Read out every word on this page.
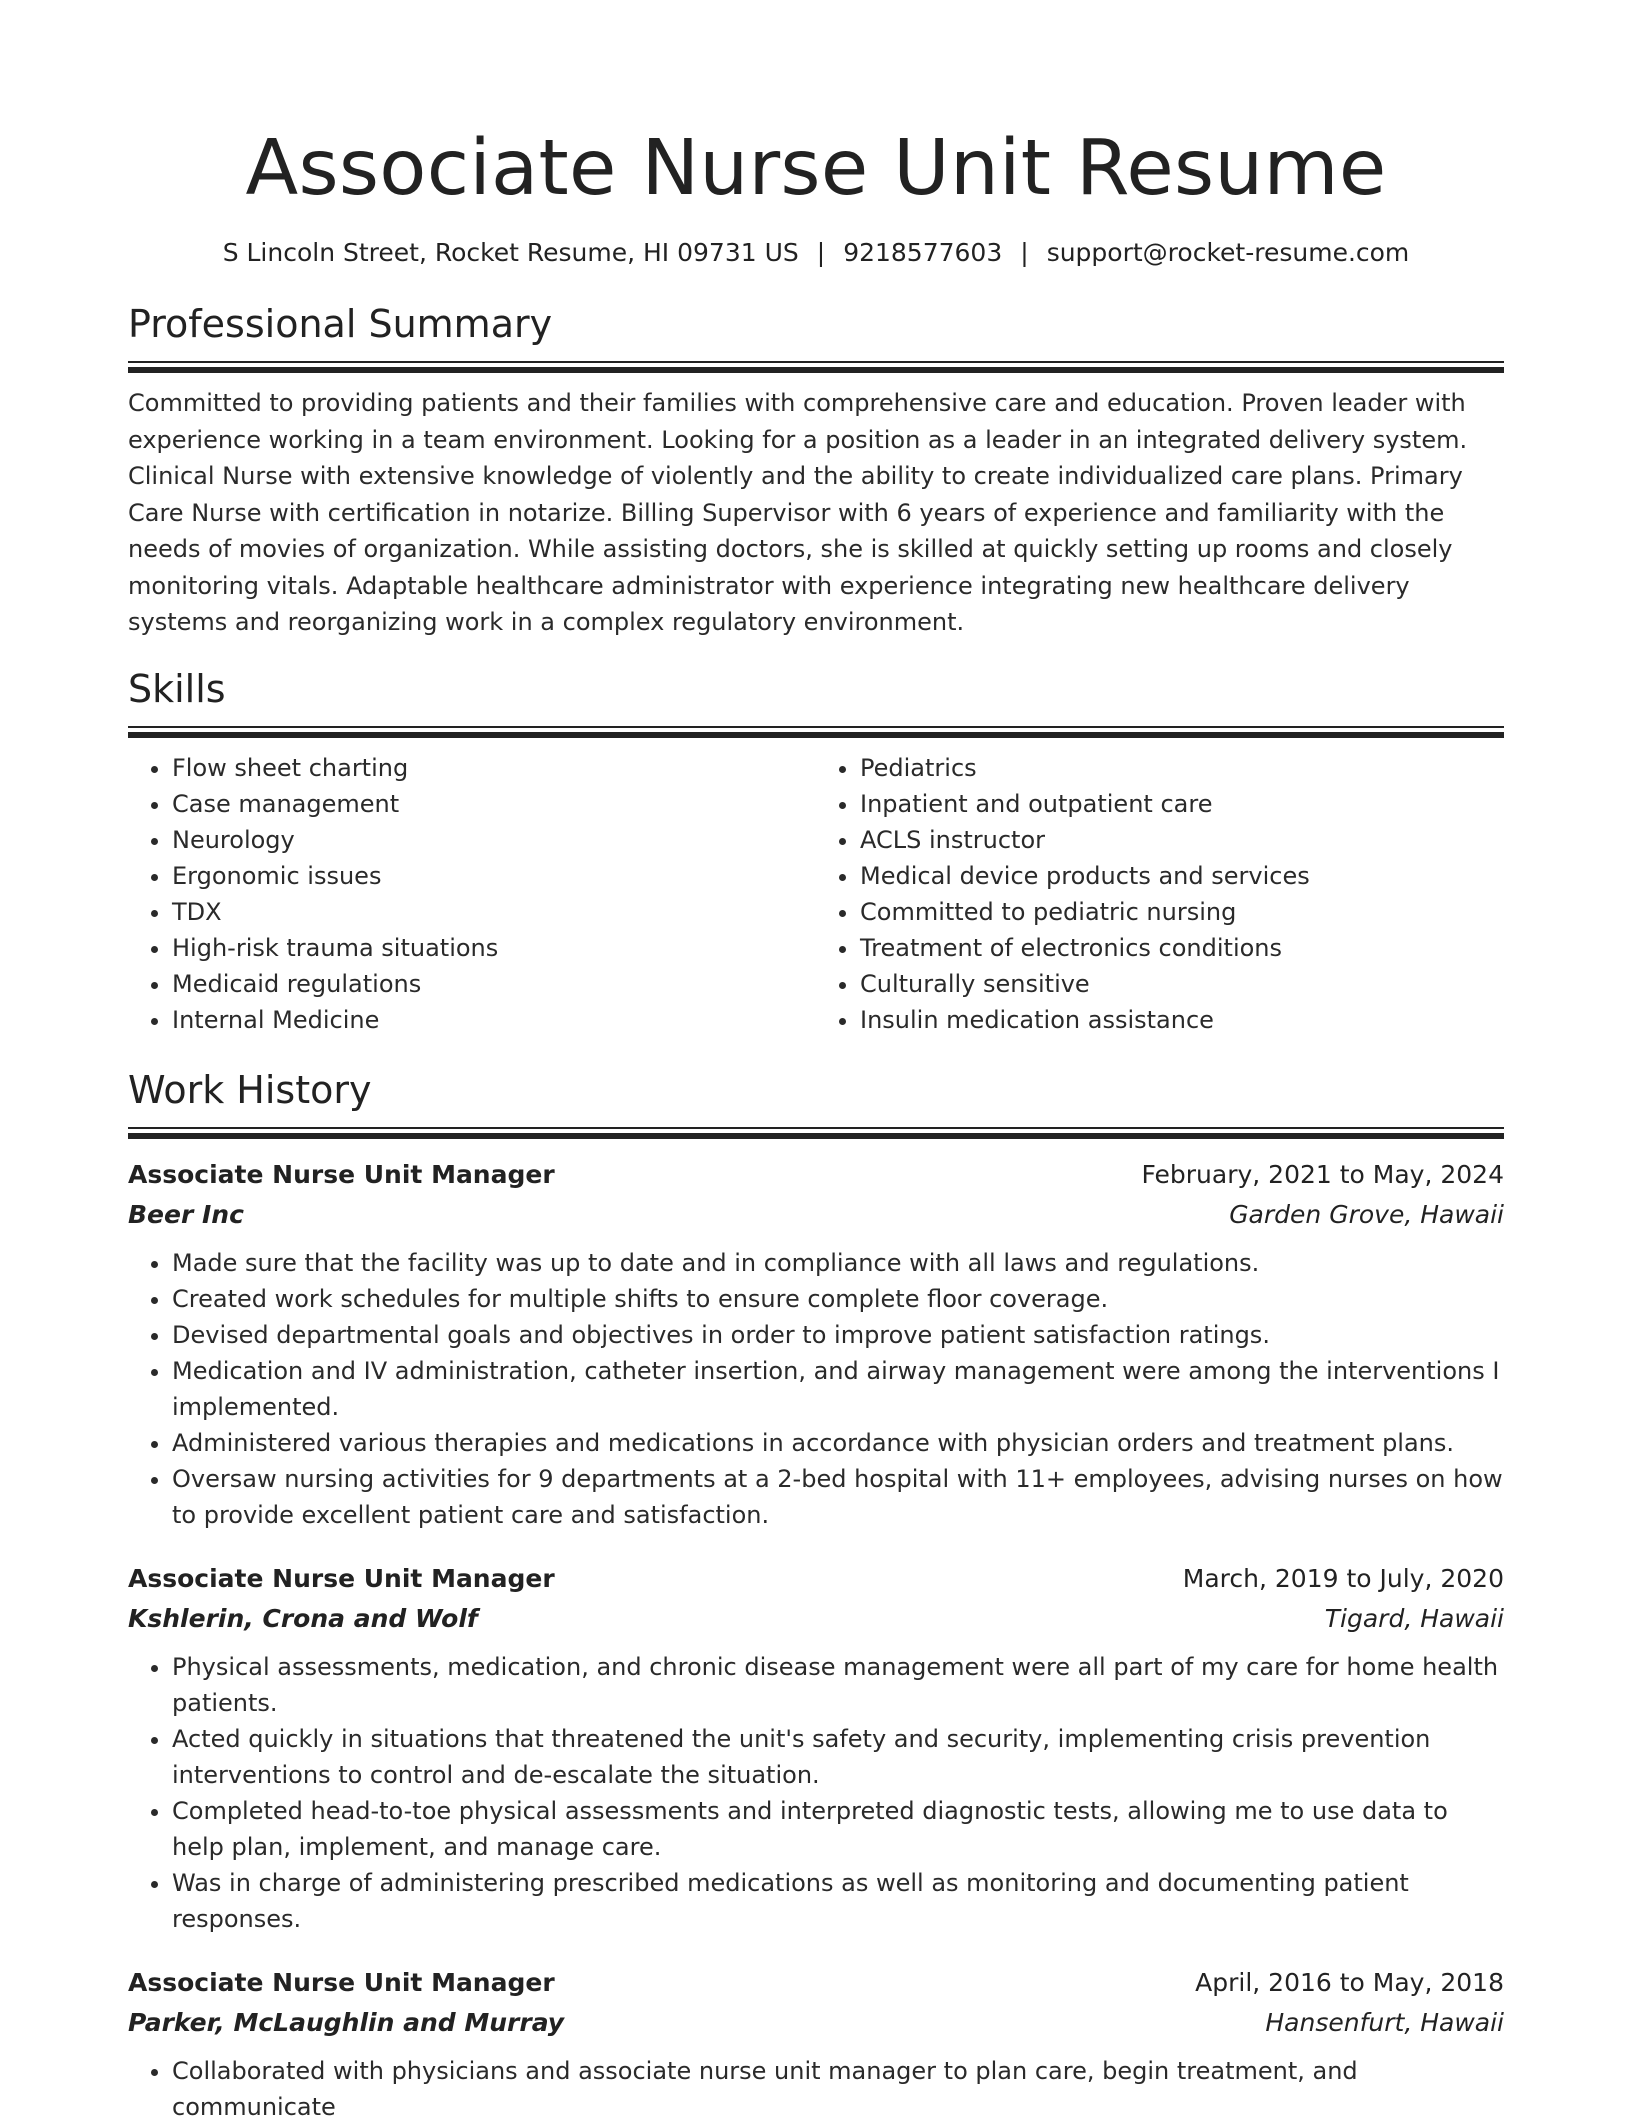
Associate Nurse Unit Resume
S Lincoln Street, Rocket Resume, HI 09731 US | 9218577603 | support@rocket-resume.com
Professional Summary

Committed to providing patients and their families with comprehensive care and education. Proven leader with experience working in a team environment. Looking for a position as a leader in an integrated delivery system. Clinical Nurse with extensive knowledge of violently and the ability to create individualized care plans. Primary Care Nurse with certification in notarize. Billing Supervisor with 6 years of experience and familiarity with the needs of movies of organization. While assisting doctors, she is skilled at quickly setting up rooms and closely monitoring vitals. Adaptable healthcare administrator with experience integrating new healthcare delivery systems and reorganizing work in a complex regulatory environment.

Skills
• Flow sheet charting
• Case management
• Neurology
• Ergonomic issues
• TDX
• High-risk trauma situations
• Medicaid regulations
• Internal Medicine
• Pediatrics
• Inpatient and outpatient care
• ACLS instructor
• Medical device products and services
• Committed to pediatric nursing
• Treatment of electronics conditions
• Culturally sensitive
• Insulin medication assistance
Work History
Associate Nurse Unit Manager	February, 2021 to May, 2024
Beer Inc	Garden Grove, Hawaii
• Made sure that the facility was up to date and in compliance with all laws and regulations.
• Created work schedules for multiple shifts to ensure complete floor coverage.
• Devised departmental goals and objectives in order to improve patient satisfaction ratings.
• Medication and IV administration, catheter insertion, and airway management were among the interventions I implemented.
• Administered various therapies and medications in accordance with physician orders and treatment plans.
• Oversaw nursing activities for 9 departments at a 2-bed hospital with 11+ employees, advising nurses on how to provide excellent patient care and satisfaction.
Associate Nurse Unit Manager	March, 2019 to July, 2020
Kshlerin, Crona and Wolf	Tigard, Hawaii
• Physical assessments, medication, and chronic disease management were all part of my care for home health patients.
• Acted quickly in situations that threatened the unit's safety and security, implementing crisis prevention interventions to control and de-escalate the situation.
• Completed head-to-toe physical assessments and interpreted diagnostic tests, allowing me to use data to help plan, implement, and manage care.
• Was in charge of administering prescribed medications as well as monitoring and documenting patient responses.
Associate Nurse Unit Manager	April, 2016 to May, 2018
Parker, McLaughlin and Murray	Hansenfurt, Hawaii
• Collaborated with physicians and associate nurse unit manager to plan care, begin treatment, and communicate
